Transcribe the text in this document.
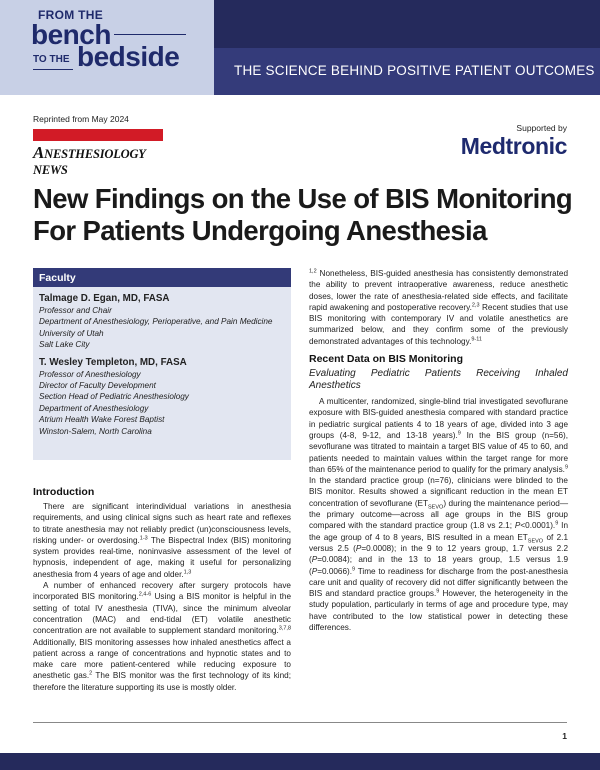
FROM THE
bench
TO THE bedside	THE SCIENCE BEHIND POSITIVE PATIENT OUTCOMES
Reprinted from May 2024
ANESTHESIOLOGY NEWS
Supported by
Medtronic
New Findings on the Use of BIS Monitoring For Patients Undergoing Anesthesia
Faculty
Talmage D. Egan, MD, FASA
Professor and Chair
Department of Anesthesiology, Perioperative, and Pain Medicine
University of Utah
Salt Lake City
T. Wesley Templeton, MD, FASA
Professor of Anesthesiology
Director of Faculty Development
Section Head of Pediatric Anesthesiology
Department of Anesthesiology
Atrium Health Wake Forest Baptist
Winston-Salem, North Carolina
Introduction

There are significant interindividual variations in anesthesia requirements, and using clinical signs such as heart rate and reflexes to titrate anesthesia may not reliably predict (un)consciousness levels, risking under- or overdosing.$^{1-3}$ The Bispectral Index (BIS) monitoring system provides real-time, noninvasive assessment of the level of hypnosis, independent of age, making it useful for personalizing anesthesia from 4 years of age and older.$^{1,3}$

A number of enhanced recovery after surgery protocols have incorporated BIS monitoring.$^{2,4-6}$ Using a BIS monitor is helpful in the setting of total IV anesthesia (TIVA), since the minimum alveolar concentration (MAC) and end-tidal (ET) volatile anesthetic concentration are not available to supplement standard monitoring.$^{3,7,8}$ Additionally, BIS monitoring assesses how inhaled anesthetics affect a patient across a range of concentrations and hypnotic states and to make care more patient-centered while reducing exposure to anesthetic gas.$^2$ The BIS monitor was the first technology of its kind; therefore the literature supporting its use is mostly older.

$^{1,2}$ Nonetheless, BIS-guided anesthesia has consistently demonstrated the ability to prevent intraoperative awareness, reduce anesthetic doses, lower the rate of anesthesia-related side effects, and facilitate rapid awakening and postoperative recovery.$^{2,3}$ Recent studies that use BIS monitoring with contemporary IV and volatile anesthetics are summarized below, and they confirm some of the previously demonstrated advantages of this technology.$^{9-11}$

Recent Data on BIS Monitoring
Evaluating Pediatric Patients Receiving Inhaled Anesthetics

A multicenter, randomized, single-blind trial investigated sevoflurane exposure with BIS-guided anesthesia compared with standard practice in pediatric surgical patients 4 to 18 years of age, divided into 3 age groups (4-8, 9-12, and 13-18 years).$^9$ In the BIS group (n=56), sevoflurane was titrated to maintain a target BIS value of 45 to 60, and patients needed to maintain values within the target range for more than 65% of the maintenance period to qualify for the primary analysis.$^9$ In the standard practice group (n=76), clinicians were blinded to the BIS monitor. Results showed a significant reduction in the mean ET concentration of sevoflurane $(ET_{SEVO})$ during the maintenance period—the primary outcome—across all age groups in the BIS group compared with the standard practice group (1.8 vs 2.1; P<0.0001).$^9$ In the age group of 4 to 8 years, BIS resulted in a mean $ET_{SEVO}$ of 2.1 versus 2.5 (P=0.0008); in the 9 to 12 years group, 1.7 versus 2.2 (P=0.0084); and in the 13 to 18 years group, 1.5 versus 1.9 (P=0.0066).$^9$ Time to readiness for discharge from the post-anesthesia care unit and quality of recovery did not differ significantly between the BIS and standard practice groups.$^9$ However, the heterogeneity in the study population, particularly in terms of age and procedure type, may have contributed to the low statistical power in detecting these differences.

1
